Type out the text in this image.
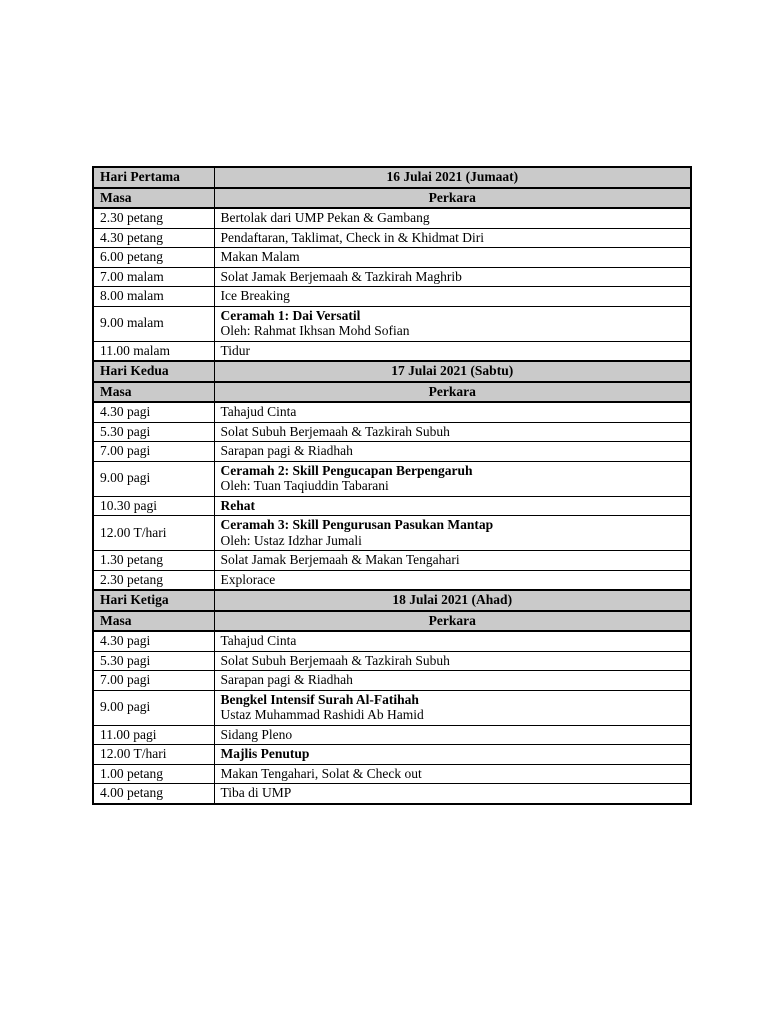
Hari Pertama	16 Julai 2021 (Jumaat)
Masa	Perkara
2.30 petang	Bertolak dari UMP Pekan & Gambang
4.30 petang	Pendaftaran, Taklimat, Check in & Khidmat Diri
6.00 petang	Makan Malam
7.00 malam	Solat Jamak Berjemaah & Tazkirah Maghrib
8.00 malam	Ice Breaking
9.00 malam	Ceramah 1: Dai Versatil
Oleh: Rahmat Ikhsan Mohd Sofian

11.00 malam	Tidur
Hari Kedua	17 Julai 2021 (Sabtu)
Masa	Perkara
4.30 pagi	Tahajud Cinta
5.30 pagi	Solat Subuh Berjemaah & Tazkirah Subuh
7.00 pagi	Sarapan pagi & Riadhah
9.00 pagi	Ceramah 2: Skill Pengucapan Berpengaruh
Oleh: Tuan Taqiuddin Tabarani

10.30 pagi	Rehat
12.00 T/hari	Ceramah 3: Skill Pengurusan Pasukan Mantap
Oleh: Ustaz Idzhar Jumali

1.30 petang	Solat Jamak Berjemaah & Makan Tengahari
2.30 petang	Explorace
Hari Ketiga	18 Julai 2021 (Ahad)
Masa	Perkara
4.30 pagi	Tahajud Cinta
5.30 pagi	Solat Subuh Berjemaah & Tazkirah Subuh
7.00 pagi	Sarapan pagi & Riadhah
9.00 pagi	Bengkel Intensif Surah Al-Fatihah
Ustaz Muhammad Rashidi Ab Hamid

11.00 pagi	Sidang Pleno
12.00 T/hari	Majlis Penutup
1.00 petang	Makan Tengahari, Solat & Check out
4.00 petang	Tiba di UMP
